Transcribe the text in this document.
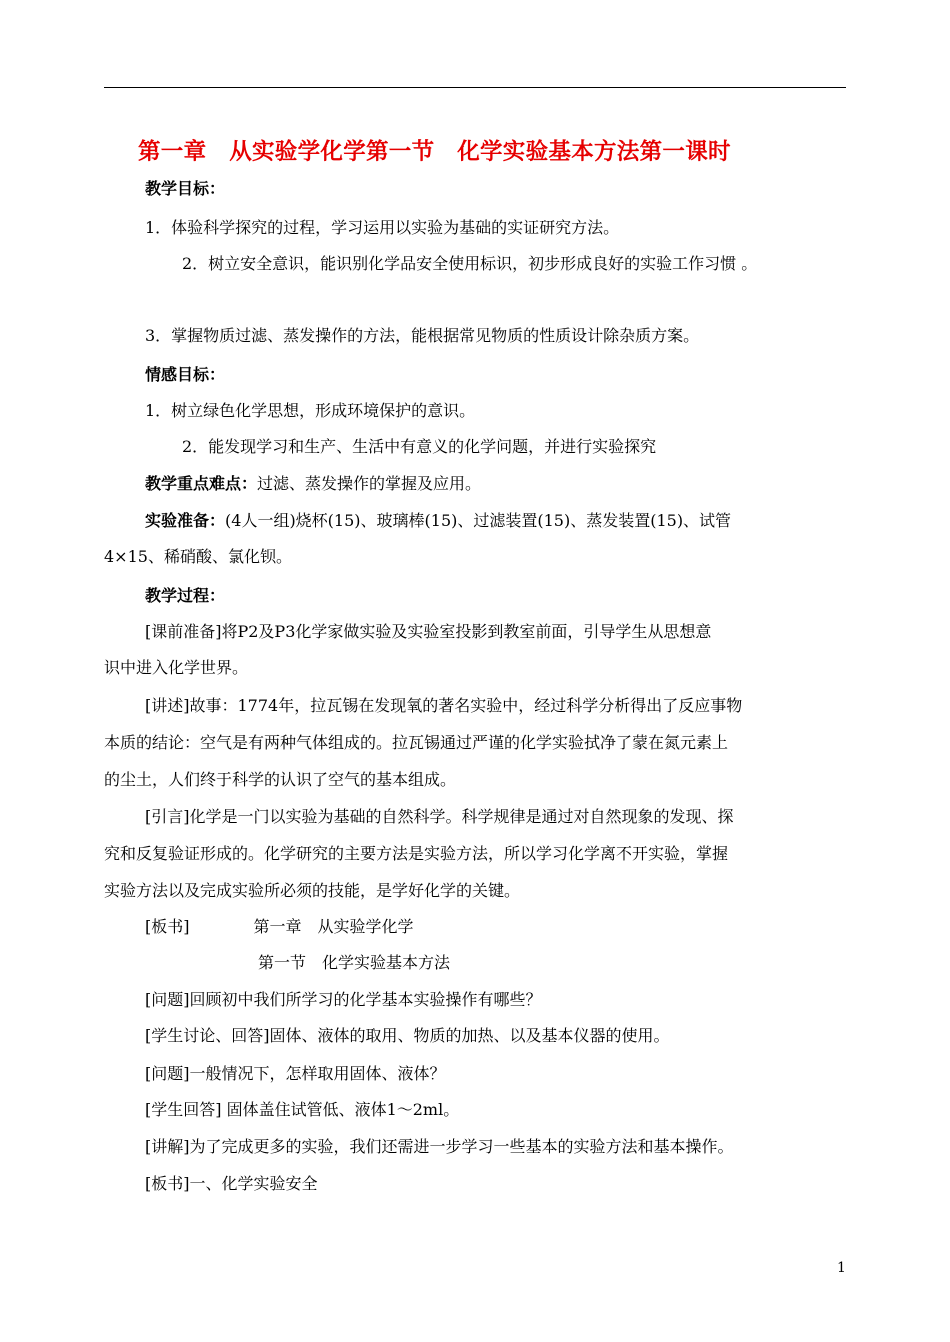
第一章　从实验学化学第一节　化学实验基本方法第一课时
教学目标：
1．体验科学探究的过程，学习运用以实验为基础的实证研究方法。
2．树立安全意识，能识别化学品安全使用标识，初步形成良好的实验工作习惯 。
3．掌握物质过滤、蒸发操作的方法，能根据常见物质的性质设计除杂质方案。
情感目标：
1．树立绿色化学思想，形成环境保护的意识。
2．能发现学习和生产、生活中有意义的化学问题，并进行实验探究
教学重点难点：过滤、蒸发操作的掌握及应用。
实验准备：(4人一组)烧杯(15)、玻璃棒(15)、过滤装置(15)、蒸发装置(15)、试管
4×15、稀硝酸、氯化钡。
教学过程：
[课前准备]将P2及P3化学家做实验及实验室投影到教室前面，引导学生从思想意
识中进入化学世界。
[讲述]故事：1774年，拉瓦锡在发现氧的著名实验中，经过科学分析得出了反应事物
本质的结论：空气是有两种气体组成的。拉瓦锡通过严谨的化学实验拭净了蒙在氮元素上
的尘土，人们终于科学的认识了空气的基本组成。
[引言]化学是一门以实验为基础的自然科学。科学规律是通过对自然现象的发现、探
究和反复验证形成的。化学研究的主要方法是实验方法，所以学习化学离不开实验，掌握
实验方法以及完成实验所必须的技能，是学好化学的关键。
[板书]　　　　第一章　从实验学化学
第一节　化学实验基本方法
[问题]回顾初中我们所学习的化学基本实验操作有哪些？
[学生讨论、回答]固体、液体的取用、物质的加热、以及基本仪器的使用。
[问题]一般情况下，怎样取用固体、液体？
[学生回答] 固体盖住试管低、液体1～2ml。
[讲解]为了完成更多的实验，我们还需进一步学习一些基本的实验方法和基本操作。
[板书]一、化学实验安全
1
